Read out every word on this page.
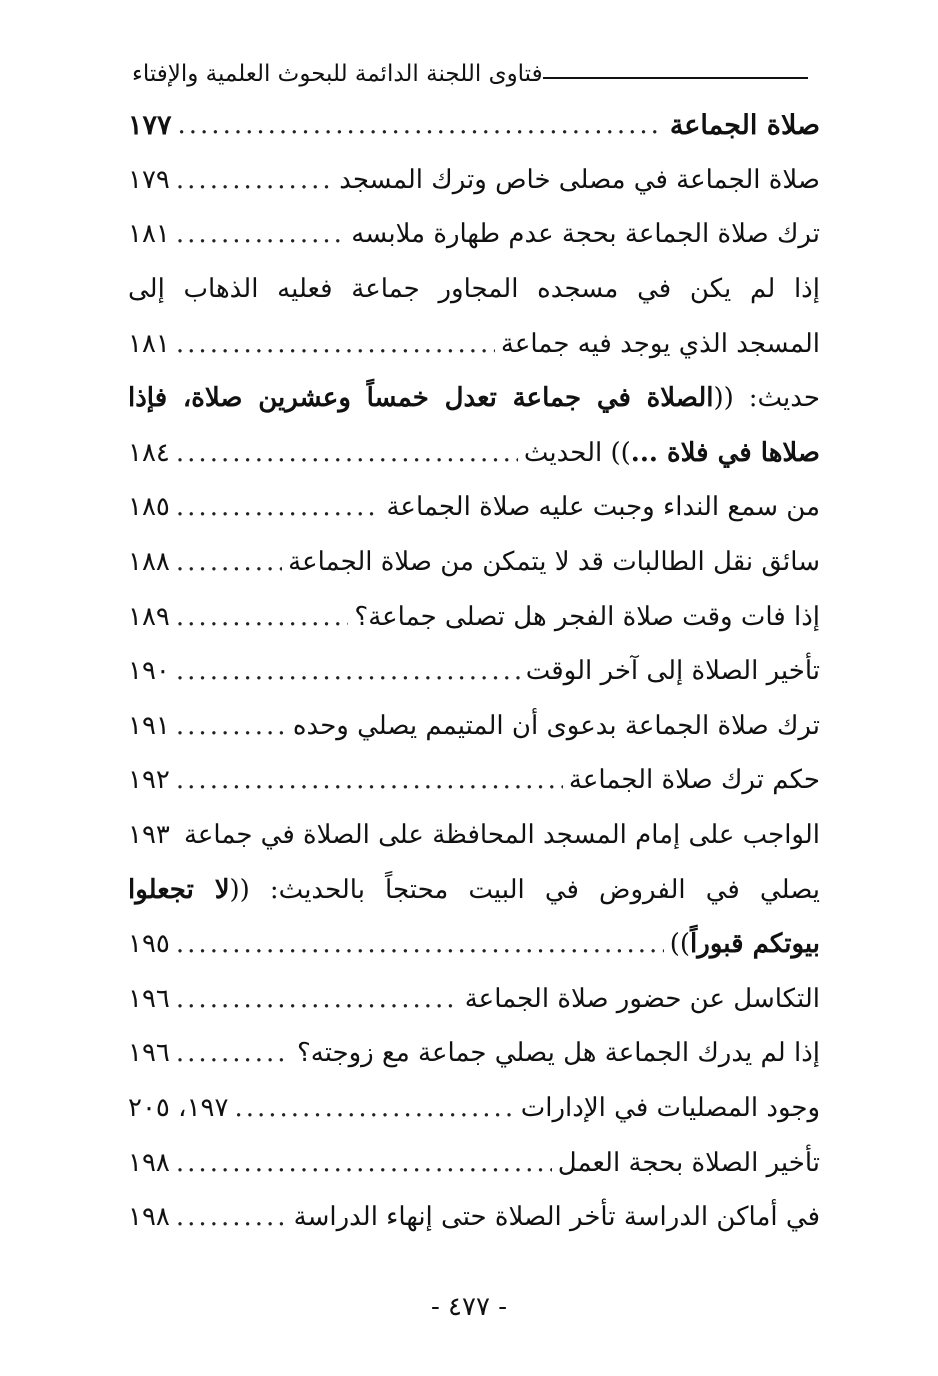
فتاوى اللجنة الدائمة للبحوث العلمية والإفتاء
صلاة الجماعة
.....
١٧٧
صلاة الجماعة في مصلى خاص وترك المسجد
.....
١٧٩
ترك صلاة الجماعة بحجة عدم طهارة ملابسه
.....
١٨١
إذا لم يكن في مسجده المجاور جماعة فعليه الذهاب إلى
المسجد الذي يوجد فيه جماعة
.....
١٨١
حديث: ((الصلاة في جماعة تعدل خمساً وعشرين صلاة، فإذا
صلاها في فلاة ...)) الحديث
.....
١٨٤
من سمع النداء وجبت عليه صلاة الجماعة
.....
١٨٥
سائق نقل الطالبات قد لا يتمكن من صلاة الجماعة
.....
١٨٨
إذا فات وقت صلاة الفجر هل تصلى جماعة؟
.....
١٨٩
تأخير الصلاة إلى آخر الوقت
.....
١٩٠
ترك صلاة الجماعة بدعوى أن المتيمم يصلي وحده
.....
١٩١
حكم ترك صلاة الجماعة
.....
١٩٢
الواجب على إمام المسجد المحافظة على الصلاة في جماعة
.....
١٩٣
يصلي في الفروض في البيت محتجاً بالحديث: ((لا تجعلوا
بيوتكم قبوراً))
.....
١٩٥
التكاسل عن حضور صلاة الجماعة
.....
١٩٦
إذا لم يدرك الجماعة هل يصلي جماعة مع زوجته؟
.....
١٩٦
وجود المصليات في الإدارات
.....
١٩٧، ٢٠٥
تأخير الصلاة بحجة العمل
.....
١٩٨
في أماكن الدراسة تأخر الصلاة حتى إنهاء الدراسة
.....
١٩٨
- ٤٧٧ -
